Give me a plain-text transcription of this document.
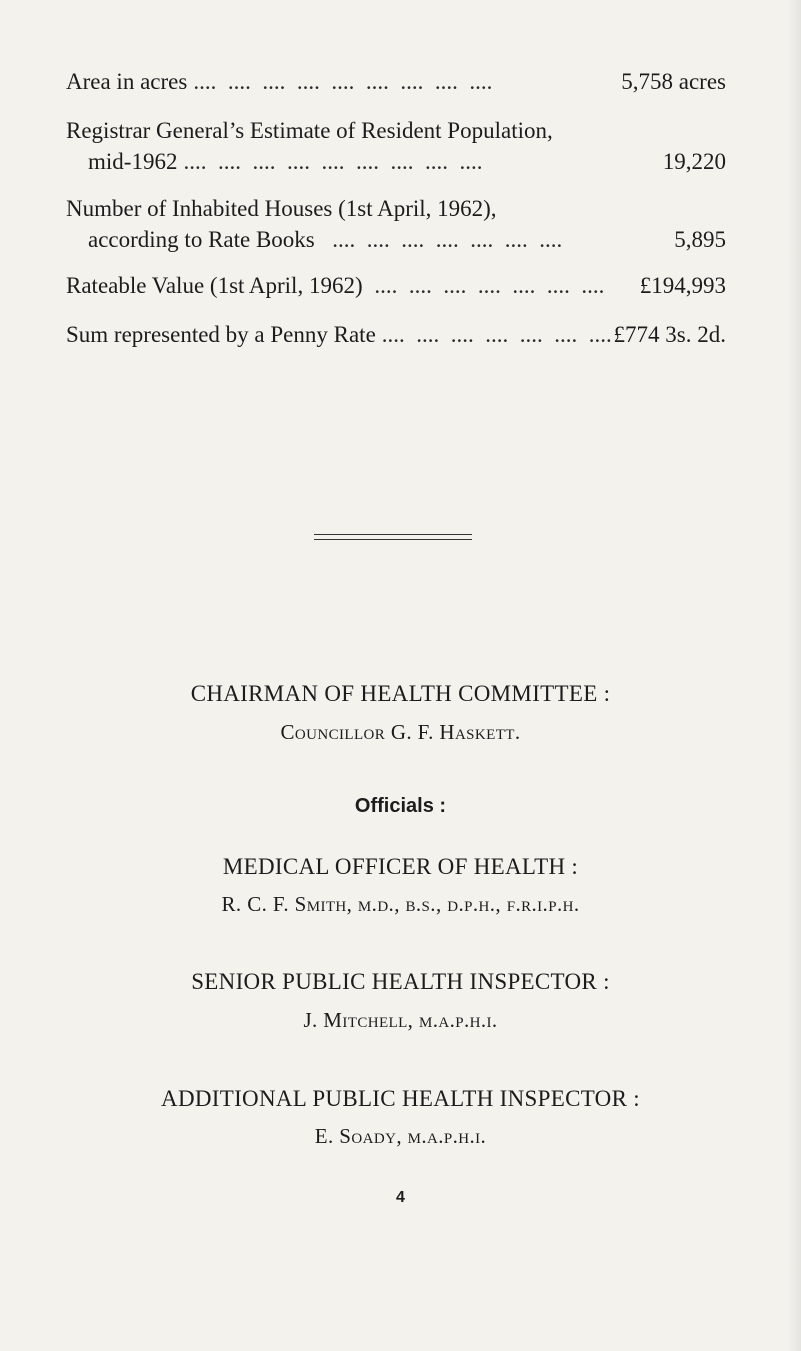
Area in acres ....  ....  ....  ....  ....  ....  ....  ....  ....	5,758 acres
Registrar General’s Estimate of Resident Population,
mid-1962 ....  ....  ....  ....  ....  ....  ....  ....  ....	19,220
Number of Inhabited Houses (1st April, 1962),
according to Rate Books ....  ....  ....  ....  ....  ....  ....	5,895
Rateable Value (1st April, 1962) ....  ....  ....  ....  ....  ....  ....	£194,993
Sum represented by a Penny Rate ....  ....  ....  ....  ....  ....  .... £774 3s. 2d.
CHAIRMAN OF HEALTH COMMITTEE :
Councillor G. F. Haskett.
Officials :
MEDICAL OFFICER OF HEALTH :
R. C. F. Smith, m.d., b.s., d.p.h., f.r.i.p.h.
SENIOR PUBLIC HEALTH INSPECTOR :
J. Mitchell, m.a.p.h.i.
ADDITIONAL PUBLIC HEALTH INSPECTOR :
E. Soady, m.a.p.h.i.
4
